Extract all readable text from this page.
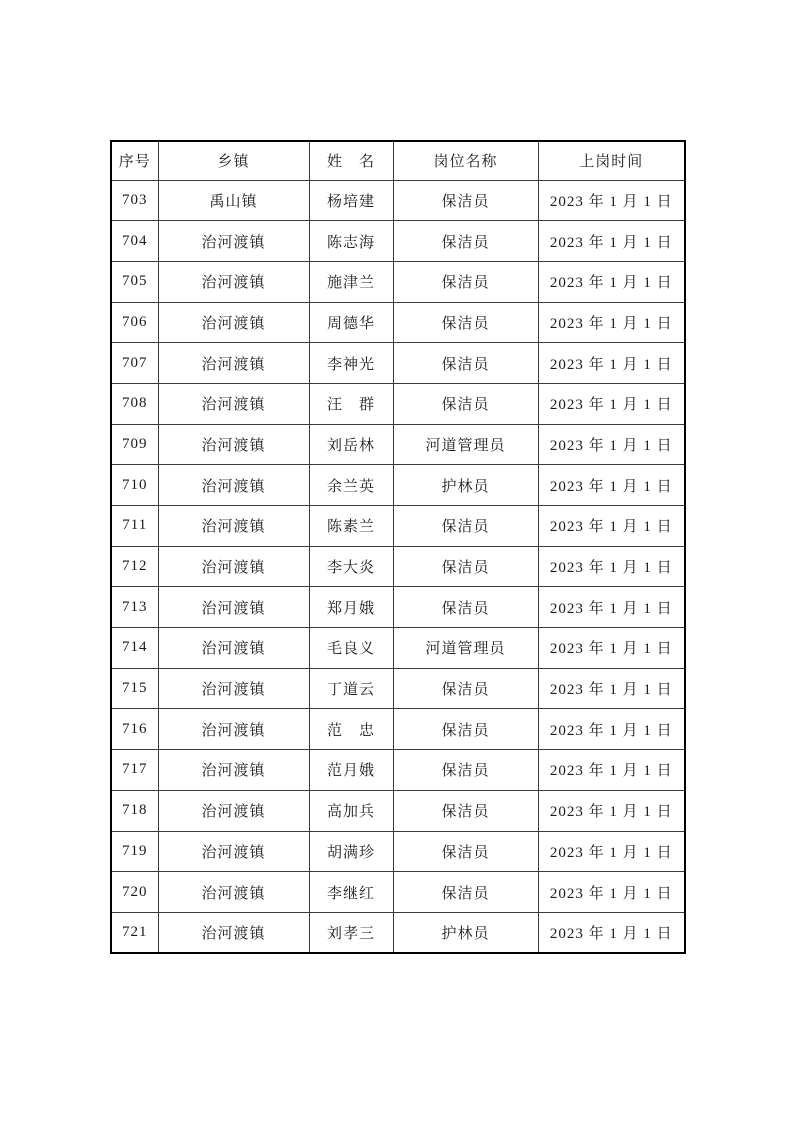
序号	乡镇	姓　名	岗位名称	上岗时间
703	禹山镇	杨培建	保洁员	2023 年 1 月 1 日
704	治河渡镇	陈志海	保洁员	2023 年 1 月 1 日
705	治河渡镇	施津兰	保洁员	2023 年 1 月 1 日
706	治河渡镇	周德华	保洁员	2023 年 1 月 1 日
707	治河渡镇	李神光	保洁员	2023 年 1 月 1 日
708	治河渡镇	汪　群	保洁员	2023 年 1 月 1 日
709	治河渡镇	刘岳林	河道管理员	2023 年 1 月 1 日
710	治河渡镇	余兰英	护林员	2023 年 1 月 1 日
711	治河渡镇	陈素兰	保洁员	2023 年 1 月 1 日
712	治河渡镇	李大炎	保洁员	2023 年 1 月 1 日
713	治河渡镇	郑月娥	保洁员	2023 年 1 月 1 日
714	治河渡镇	毛良义	河道管理员	2023 年 1 月 1 日
715	治河渡镇	丁道云	保洁员	2023 年 1 月 1 日
716	治河渡镇	范　忠	保洁员	2023 年 1 月 1 日
717	治河渡镇	范月娥	保洁员	2023 年 1 月 1 日
718	治河渡镇	高加兵	保洁员	2023 年 1 月 1 日
719	治河渡镇	胡满珍	保洁员	2023 年 1 月 1 日
720	治河渡镇	李继红	保洁员	2023 年 1 月 1 日
721	治河渡镇	刘孝三	护林员	2023 年 1 月 1 日
